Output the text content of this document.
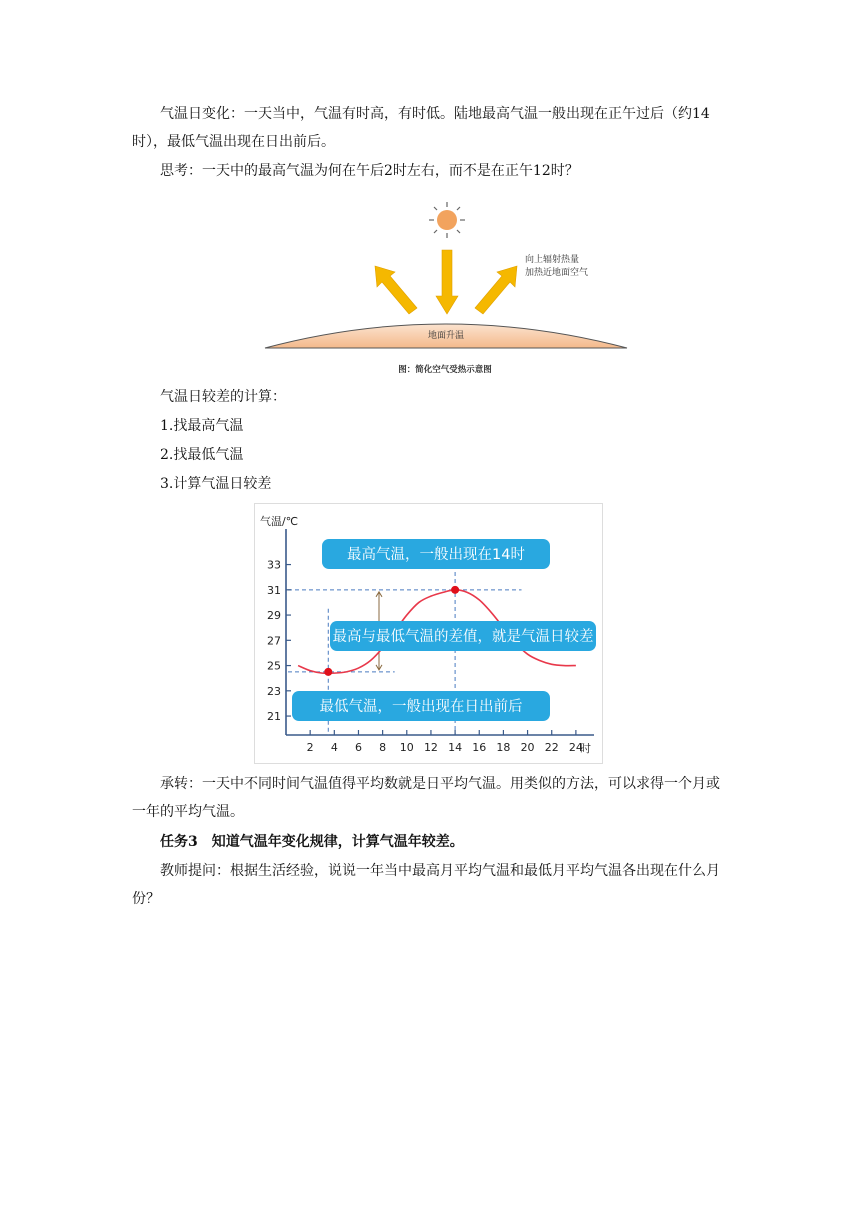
气温日变化：一天当中，气温有时高，有时低。陆地最高气温一般出现在正午过后（约14时），最低气温出现在日出前后。

思考：一天中的最高气温为何在午后2时左右，而不是在正午12时？

向上辐射热量
加热近地面空气
地面升温
图：简化空气受热示意图

气温日较差的计算：

1.找最高气温

2.找最低气温

3.计算气温日较差

气温/℃
时
21
23
25
27
29
31
33
2 4 6 8 10 12 14 16 18 20 22 24
最高气温，一般出现在14时
最高与最低气温的差值，就是气温日较差
最低气温，一般出现在日出前后

承转：一天中不同时间气温值得平均数就是日平均气温。用类似的方法，可以求得一个月或一年的平均气温。

任务3　知道气温年变化规律，计算气温年较差。

教师提问：根据生活经验，说说一年当中最高月平均气温和最低月平均气温各出现在什么月份？
